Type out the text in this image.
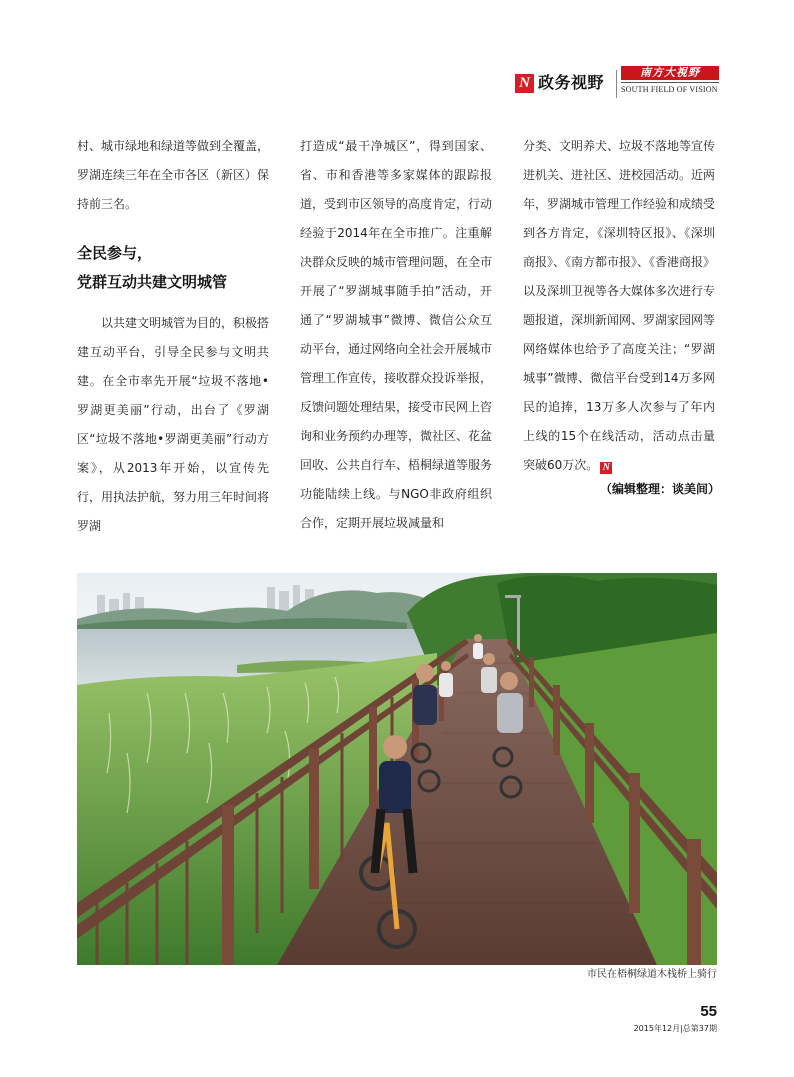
N 政务视野
南方大視野
SOUTH FIELD OF VISION

村、城市绿地和绿道等做到全覆盖，罗湖连续三年在全市各区（新区）保持前三名。

全民参与，
党群互动共建文明城管

以共建文明城管为目的，积极搭建互动平台，引导全民参与文明共建。在全市率先开展“垃圾不落地•罗湖更美丽”行动，出台了《罗湖区“垃圾不落地•罗湖更美丽”行动方案》，从2013年开始，以宣传先行，用执法护航，努力用三年时间将罗湖

打造成“最干净城区”，得到国家、省、市和香港等多家媒体的跟踪报道，受到市区领导的高度肯定，行动经验于2014年在全市推广。注重解决群众反映的城市管理问题，在全市开展了“罗湖城事随手拍”活动，开通了“罗湖城事”微博、微信公众互动平台，通过网络向全社会开展城市管理工作宣传，接收群众投诉举报，反馈问题处理结果，接受市民网上咨询和业务预约办理等，微社区、花盆回收、公共自行车、梧桐绿道等服务功能陆续上线。与NGO非政府组织合作，定期开展垃圾减量和

分类、文明养犬、垃圾不落地等宣传进机关、进社区、进校园活动。近两年，罗湖城市管理工作经验和成绩受到各方肯定，《深圳特区报》、《深圳商报》、《南方都市报》、《香港商报》以及深圳卫视等各大媒体多次进行专题报道，深圳新闻网、罗湖家园网等网络媒体也给予了高度关注；“罗湖城事”微博、微信平台受到14万多网民的追捧，13万多人次参与了年内上线的15个在线活动，活动点击量突破60万次。 N

（编辑整理：谈美间）
市民在梧桐绿道木栈桥上骑行
55
2015年12月|总第37期
